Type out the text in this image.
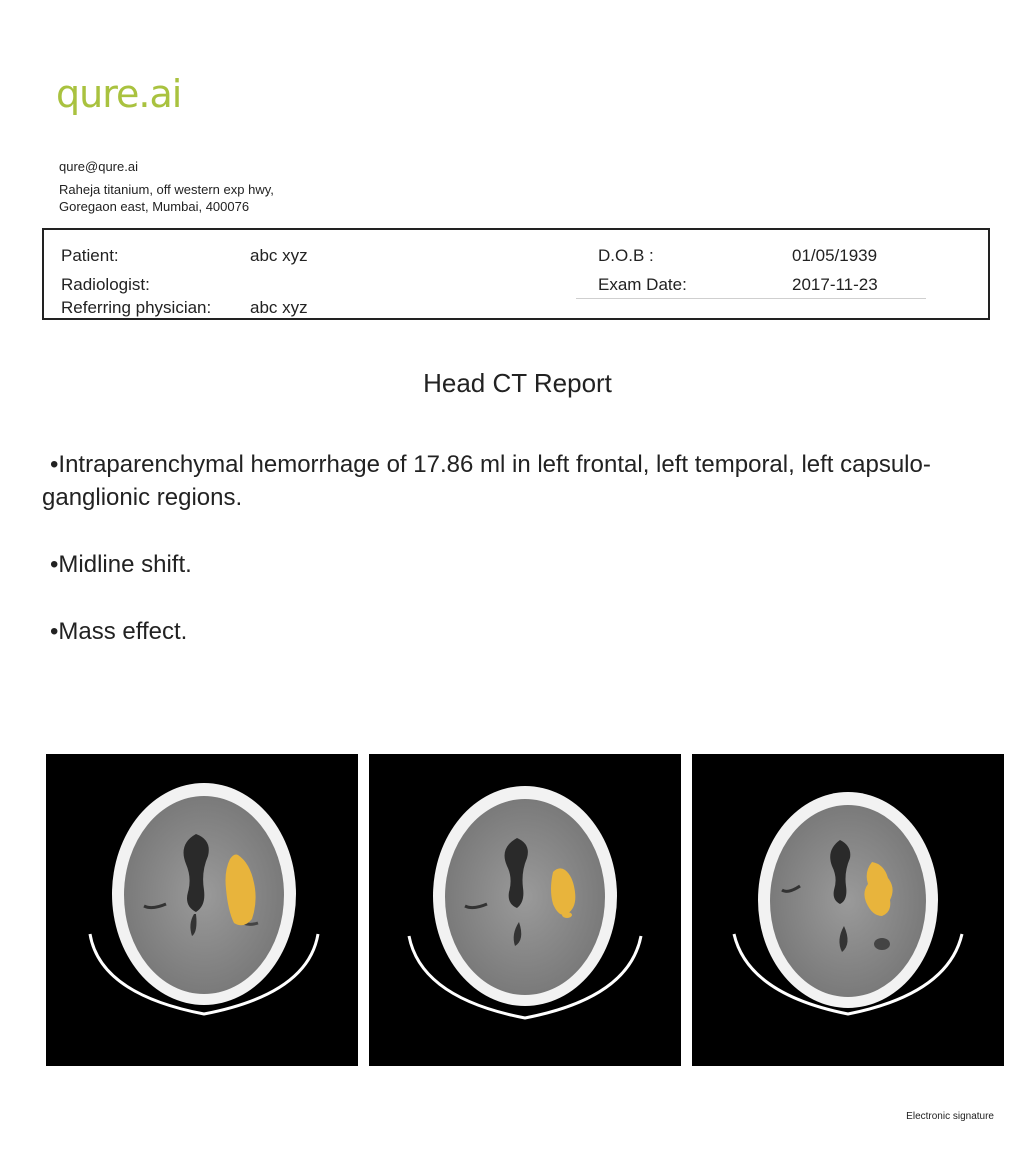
qure.ai
qure@qure.ai
Raheja titanium, off western exp hwy,
Goregaon east, Mumbai, 400076
Patient:	abc xyz
Radiologist:
Referring physician: abc xyz
D.O.B :	01/05/1939
Exam Date:	2017-11-23
Head CT Report
•Intraparenchymal hemorrhage of 17.86 ml in left frontal, left temporal, left capsulo-ganglionic regions.
•Midline shift.
•Mass effect.
Electronic signature
